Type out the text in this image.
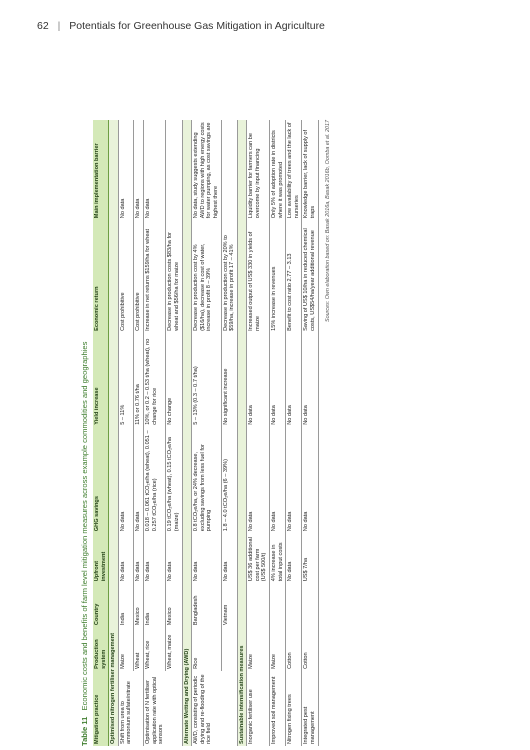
62 | Potentials for Greenhouse Gas Mitigation in Agriculture
Table 11 Economic costs and benefits of farm level mitigation measures across example commodities and geographies
Mitigation practice	Production system	Country	Upfront investment	GHG savings	Yield increase	Economic return	Main implementation barrier
Optimised nitrogen fertiliser management							
Shift from urea to ammonium sulfate/nitrate	Maize	India	No data	No data	5 – 11%	Cost prohibitive	No data
	Wheat	Mexico	No data	No data	11% or 0.76 t/ha	Cost prohibitive	No data
Optimisation of N fertiliser application rate with optical sensors	Wheat, rice	India	No data	0.018 – 0.061 tCO₂e/ha (wheat), 0.051 – 0.257 tCO₂e/ha (rice)	10%, or 0.2 – 0.53 t/ha (wheat), no change for rice	Increase in net returns $159/ha for wheat	No data
	Wheat, maize	Mexico	No data	0.19 tCO₂e/ha (wheat), 0.15 tCO₂e/ha (maize)	No change	Decrease in production costs $83/ha for wheat and $56/ha for maize	
Alternate Wetting and Drying (AWD)							
AWD, consisting of periodic drying and re-flooding of the rice field	Rice	Bangladesh	No data	0.8 tCO₂e/ha, or 24% decrease, excluding savings from less fuel for pumping	5 – 13% (0.3 – 0.7 t/ha)	Decrease in production cost by 4% ($16/ha), decrease in cost of water, increase in profit 8 – 39%	No data, study suggests extending AWD to regions with high energy costs for water pumping, as cost savings are highest there
		Vietnam	No data	1.8 – 4.0 tCO₂e/ha (6 – 39%)	No significant increase	Decrease in production cost by 20% to $59/ha, increase in profit 17 – 41%	
Sustainable intensification measures							
Inorganic fertiliser use	Maize		US$ 36 additional cost per farm (US$ 500/t)	No data	No data	Increased output of US$ 330 in yields of maize	Liquidity barrier for farmers can be overcome by input financing
Improved soil management	Maize		4% increase in total input costs	No data	No data	15% increase in revenues	Only 5% of adoption rate in districts where it was promoted
Nitrogen fixing trees	Cotton		No data	No data	No data	Benefit to cost ratio 2.77 – 3.13	Low availability of trees and the lack of nurseries
Integrated pest management	Cotton		US$ 7/ha	No data	No data	Saving of US$ 10/ha in reduced chemical costs, US$54/ha/year additional revenue	Knowledge barrier, lack of supply of traps Sources: Own elaboration based on: Basak 2016a, Basak 2016b, Oomba et al. 2017
